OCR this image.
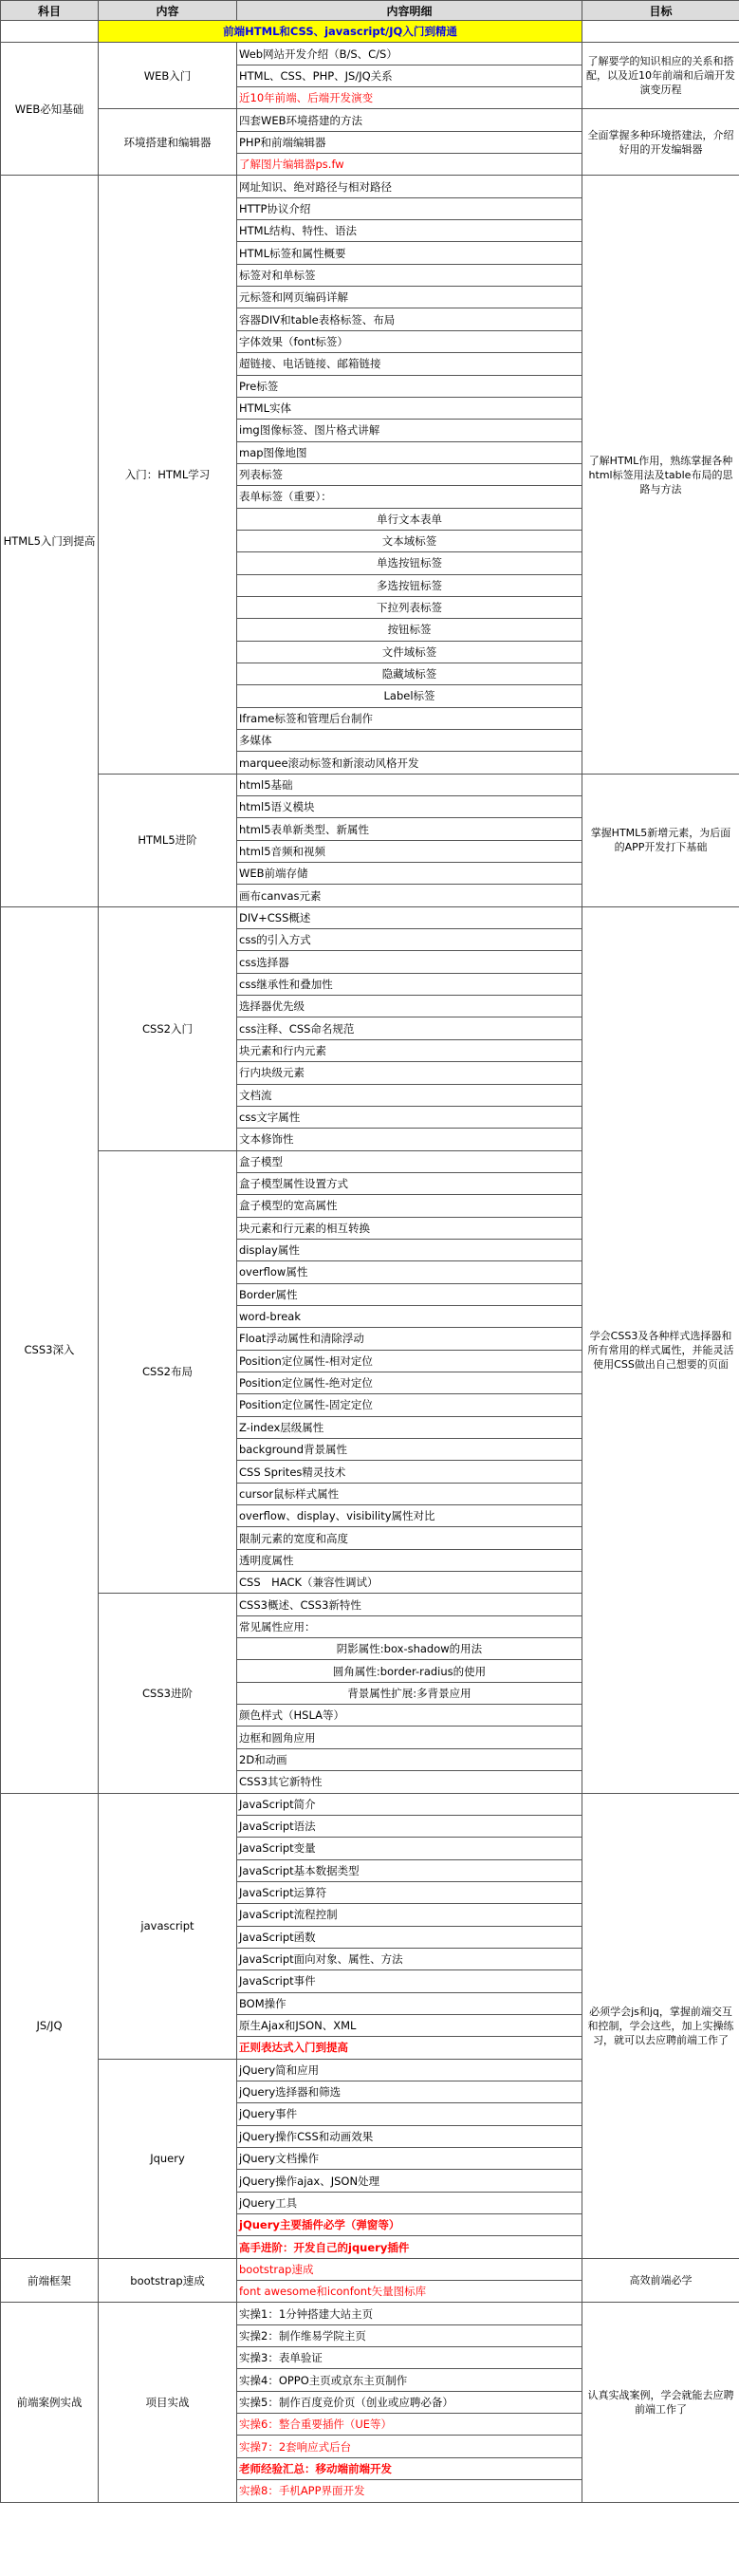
科目	内容	内容明细	目标
	前端HTML和CSS、javascript/JQ入门到精通		
WEB必知基础	WEB入门	Web网站开发介绍（B/S、C/S）	了解要学的知识相应的关系和搭配，以及近10年前端和后端开发演变历程
		HTML、CSS、PHP、JS/JQ关系	
		近10年前端、后端开发演变	
	环境搭建和编辑器	四套WEB环境搭建的方法	全面掌握多种环境搭建法，介绍好用的开发编辑器
		PHP和前端编辑器	
		了解图片编辑器ps.fw	
HTML5入门到提高	入门：HTML学习	网址知识、绝对路径与相对路径	了解HTML作用，熟练掌握各种html标签用法及table布局的思路与方法
		HTTP协议介绍	
		HTML结构、特性、语法	
		HTML标签和属性概要	
		标签对和单标签	
		元标签和网页编码详解	
		容器DIV和table表格标签、布局	
		字体效果（font标签）	
		超链接、电话链接、邮箱链接	
		Pre标签	
		HTML实体	
		img图像标签、图片格式讲解	
		map图像地图	
		列表标签	
		表单标签（重要）：	
		单行文本表单	
		文本域标签	
		单选按钮标签	
		多选按钮标签	
		下拉列表标签	
		按钮标签	
		文件域标签	
		隐藏域标签	
		Label标签	
		Iframe标签和管理后台制作	
		多媒体	
		marquee滚动标签和新滚动风格开发	
	HTML5进阶	html5基础	掌握HTML5新增元素，为后面的APP开发打下基础
		html5语义模块	
		html5表单新类型、新属性	
		html5音频和视频	
		WEB前端存储	
		画布canvas元素	
CSS3深入	CSS2入门	DIV+CSS概述	学会CSS3及各种样式选择器和所有常用的样式属性，并能灵活使用CSS做出自己想要的页面
		css的引入方式	
		css选择器	
		css继承性和叠加性	
		选择器优先级	
		css注释、CSS命名规范	
		块元素和行内元素	
		行内块级元素	
		文档流	
		css文字属性	
		文本修饰性	
	CSS2布局	盒子模型	
		盒子模型属性设置方式	
		盒子模型的宽高属性	
		块元素和行元素的相互转换	
		display属性	
		overflow属性	
		Border属性	
		word-break	
		Float浮动属性和清除浮动	
		Position定位属性-相对定位	
		Position定位属性-绝对定位	
		Position定位属性-固定定位	
		Z-index层级属性	
		background背景属性	
		CSS Sprites精灵技术	
		cursor鼠标样式属性	
		overflow、display、visibility属性对比	
		限制元素的宽度和高度	
		透明度属性	
		CSS　HACK（兼容性调试）	
	CSS3进阶	CSS3概述、CSS3新特性	
		常见属性应用：	
		阴影属性:box-shadow的用法	
		圆角属性:border-radius的使用	
		背景属性扩展:多背景应用	
		颜色样式（HSLA等）	
		边框和圆角应用	
		2D和动画	
		CSS3其它新特性	
JS/JQ	javascript	JavaScript简介	必须学会js和jq，掌握前端交互和控制，学会这些，加上实操练习，就可以去应聘前端工作了
		JavaScript语法	
		JavaScript变量	
		JavaScript基本数据类型	
		JavaScript运算符	
		JavaScript流程控制	
		JavaScript函数	
		JavaScript面向对象、属性、方法	
		JavaScript事件	
		BOM操作	
		原生Ajax和JSON、XML	
		正则表达式入门到提高	
	Jquery	jQuery简和应用	
		jQuery选择器和筛选	
		jQuery事件	
		jQuery操作CSS和动画效果	
		jQuery文档操作	
		jQuery操作ajax、JSON处理	
		jQuery工具	
		jQuery主要插件必学（弹窗等）	
		高手进阶：开发自己的jquery插件	
前端框架	bootstrap速成	bootstrap速成	高效前端必学
		font awesome和iconfont矢量图标库	
前端案例实战	项目实战	实操1：1分钟搭建大站主页	认真实战案例，学会就能去应聘前端工作了
		实操2：制作维易学院主页	
		实操3：表单验证	
		实操4：OPPO主页或京东主页制作	
		实操5：制作百度竞价页（创业或应聘必备）	
		实操6：整合重要插件（UE等）	
		实操7：2套响应式后台	
		老师经验汇总：移动端前端开发	
		实操8：手机APP界面开发	
